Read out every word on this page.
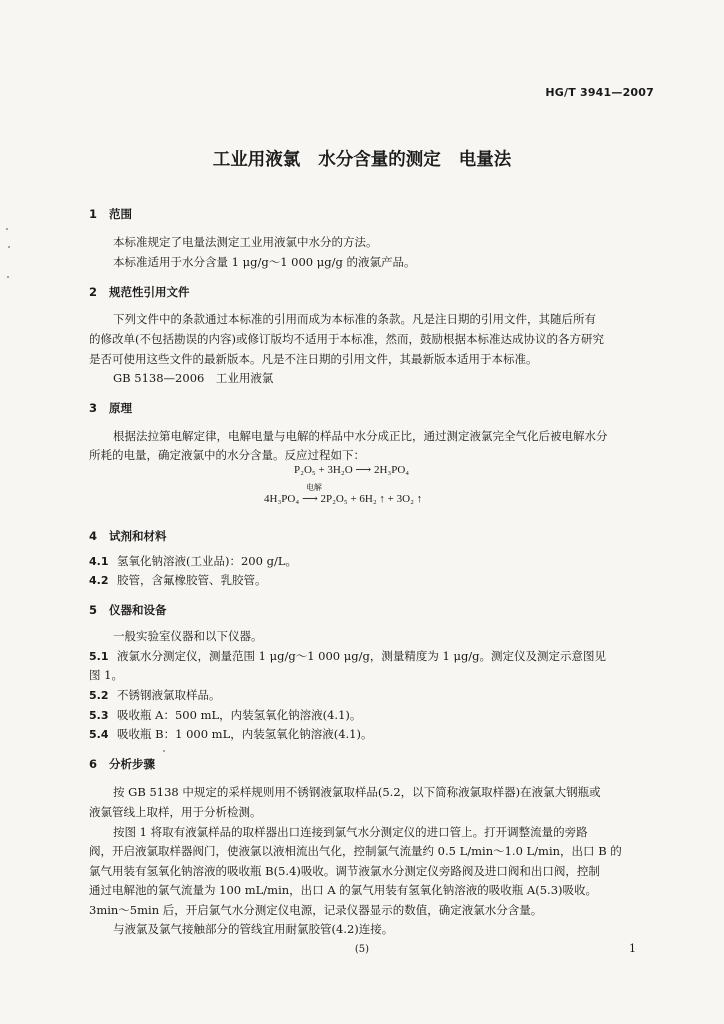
HG/T 3941—2007
工业用液氯 水分含量的测定 电量法
1 范围
本标准规定了电量法测定工业用液氯中水分的方法。
本标准适用于水分含量 1 μg/g～1 000 μg/g 的液氯产品。
2 规范性引用文件
下列文件中的条款通过本标准的引用而成为本标准的条款。凡是注日期的引用文件，其随后所有
的修改单(不包括勘误的内容)或修订版均不适用于本标准，然而，鼓励根据本标准达成协议的各方研究
是否可使用这些文件的最新版本。凡是不注日期的引用文件，其最新版本适用于本标准。
GB 5138—2006　工业用液氯
3 原理
根据法拉第电解定律，电解电量与电解的样品中水分成正比，通过测定液氯完全气化后被电解水分
所耗的电量，确定液氯中的水分含量。反应过程如下：
P₂O₅ + 3H₂O ⟶ 2H₃PO₄
4H₃PO₄
电解
⟶ 2P₂O₅ + 6H₂ ↑ + 3O₂ ↑
4 试剂和材料
4.1 氢氧化钠溶液(工业品)：200 g/L。
4.2 胶管，含氟橡胶管、乳胶管。
5 仪器和设备
一般实验室仪器和以下仪器。
5.1 液氯水分测定仪，测量范围 1 μg/g～1 000 μg/g，测量精度为 1 μg/g。测定仪及测定示意图见
图 1。
5.2 不锈钢液氯取样品。
5.3 吸收瓶 A：500 mL，内装氢氧化钠溶液(4.1)。
5.4 吸收瓶 B：1 000 mL，内装氢氧化钠溶液(4.1)。
6 分析步骤
按 GB 5138 中规定的采样规则用不锈钢液氯取样品(5.2，以下简称液氯取样器)在液氯大钢瓶或
液氯管线上取样，用于分析检测。
按图 1 将取有液氯样品的取样器出口连接到氯气水分测定仪的进口管上。打开调整流量的旁路
阀，开启液氯取样器阀门，使液氯以液相流出气化，控制氯气流量约 0.5 L/min～1.0 L/min，出口 B 的
氯气用装有氢氧化钠溶液的吸收瓶 B(5.4)吸收。调节液氯水分测定仪旁路阀及进口阀和出口阀，控制
通过电解池的氯气流量为 100 mL/min，出口 A 的氯气用装有氢氧化钠溶液的吸收瓶 A(5.3)吸收。
3min～5min 后，开启氯气水分测定仪电源，记录仪器显示的数值，确定液氯水分含量。
与液氯及氯气接触部分的管线宜用耐氯胶管(4.2)连接。
(5)	1
